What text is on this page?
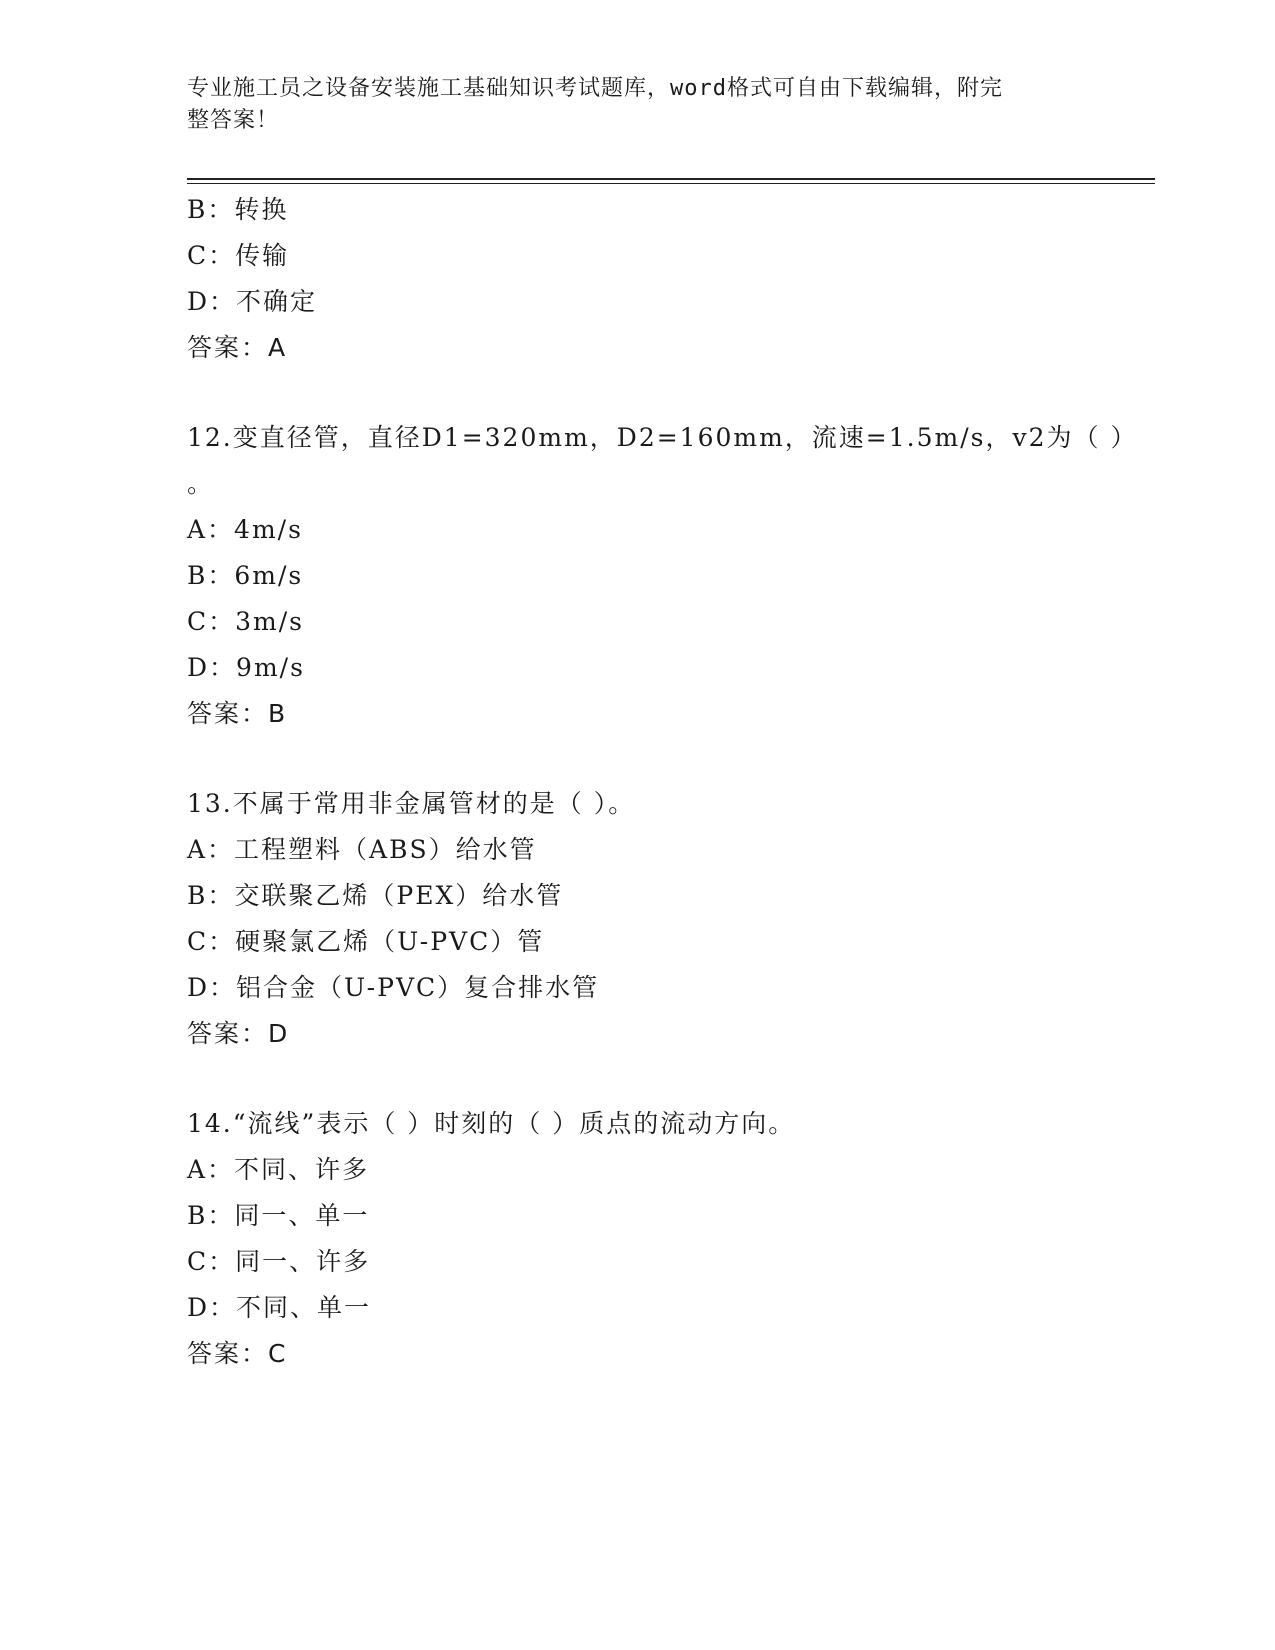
专业施工员之设备安装施工基础知识考试题库，word格式可自由下载编辑，附完
整答案！
B：转换
C：传输
D：不确定
答案：A
12.变直径管，直径D1=320mm，D2=160mm，流速=1.5m/s，v2为（ ）
。
A：4m/s
B：6m/s
C：3m/s
D：9m/s
答案：B
13.不属于常用非金属管材的是（ ）。
A：工程塑料（ABS）给水管
B：交联聚乙烯（PEX）给水管
C：硬聚氯乙烯（U-PVC）管
D：铝合金（U-PVC）复合排水管
答案：D
14.“流线”表示（ ）时刻的（ ）质点的流动方向。
A：不同、许多
B：同一、单一
C：同一、许多
D：不同、单一
答案：C
